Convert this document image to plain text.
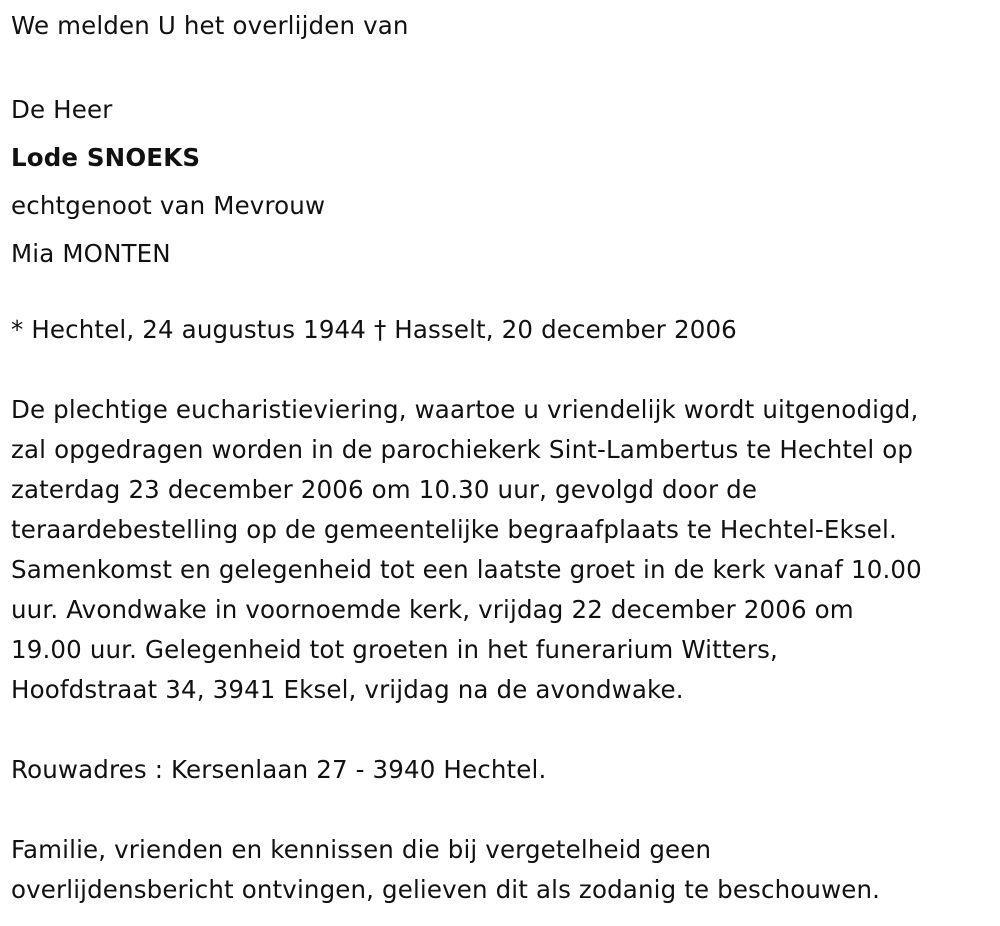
We melden U het overlijden van
De Heer
Lode SNOEKS
echtgenoot van Mevrouw
Mia MONTEN
* Hechtel, 24 augustus 1944 † Hasselt, 20 december 2006
De plechtige eucharistieviering, waartoe u vriendelijk wordt uitgenodigd,
zal opgedragen worden in de parochiekerk Sint-Lambertus te Hechtel op
zaterdag 23 december 2006 om 10.30 uur, gevolgd door de
teraardebestelling op de gemeentelijke begraafplaats te Hechtel-Eksel.
Samenkomst en gelegenheid tot een laatste groet in de kerk vanaf 10.00
uur. Avondwake in voornoemde kerk, vrijdag 22 december 2006 om
19.00 uur. Gelegenheid tot groeten in het funerarium Witters,
Hoofdstraat 34, 3941 Eksel, vrijdag na de avondwake.
Rouwadres : Kersenlaan 27 - 3940 Hechtel.
Familie, vrienden en kennissen die bij vergetelheid geen
overlijdensbericht ontvingen, gelieven dit als zodanig te beschouwen.
